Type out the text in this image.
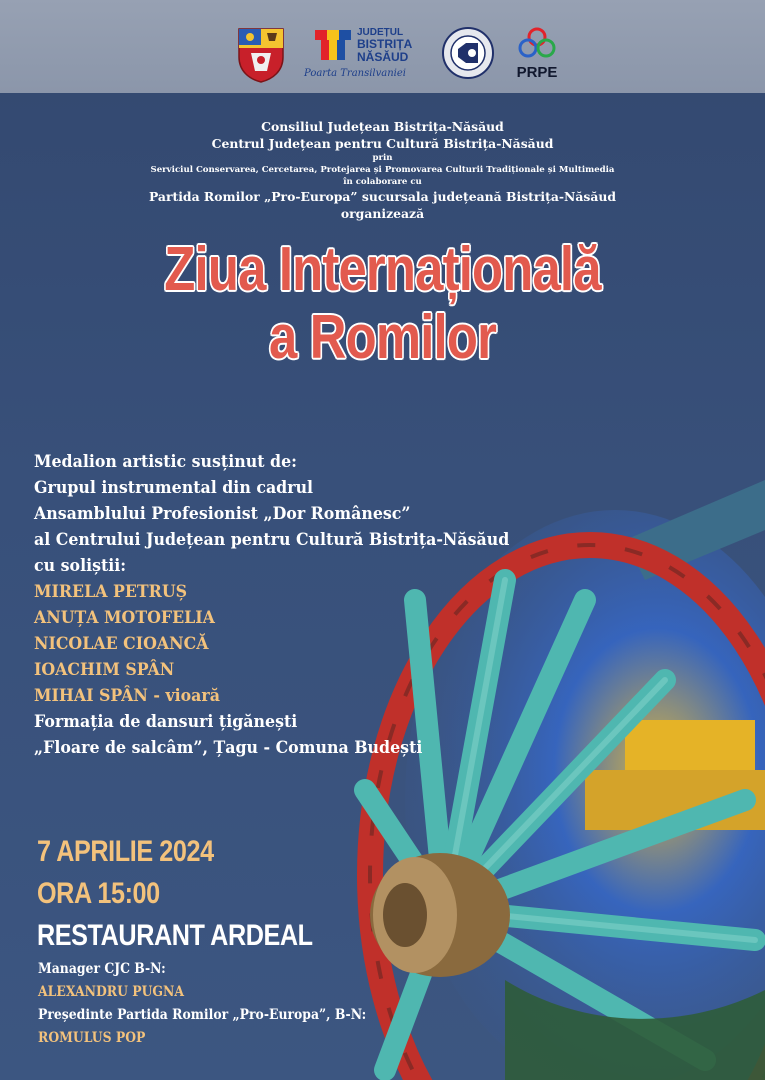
JUDEȚUL
BISTRIȚA
NĂSĂUD
Poarta Transilvaniei	PRPE
Consiliul Județean Bistrița-Năsăud
Centrul Județean pentru Cultură Bistrița-Năsăud
prin
Serviciul Conservarea, Cercetarea, Protejarea și Promovarea Culturii Tradiționale și Multimedia
în colaborare cu
Partida Romilor „Pro-Europa” sucursala județeană Bistrița-Năsăud
organizează
Ziua Internațională
a Romilor
Medalion artistic susținut de:
Grupul instrumental din cadrul
Ansamblului Profesionist „Dor Românesc”
al Centrului Județean pentru Cultură Bistrița-Năsăud
cu soliștii:
MIRELA PETRUȘ
ANUȚA MOTOFELIA
NICOLAE CIOANCĂ
IOACHIM SPÂN
MIHAI SPÂN - vioară
Formația de dansuri țigănești
„Floare de salcâm”, Țagu - Comuna Budești
7 APRILIE 2024
ORA 15:00
RESTAURANT ARDEAL
Manager CJC B-N:
ALEXANDRU PUGNA
Președinte Partida Romilor „Pro-Europa”, B-N:
ROMULUS POP
